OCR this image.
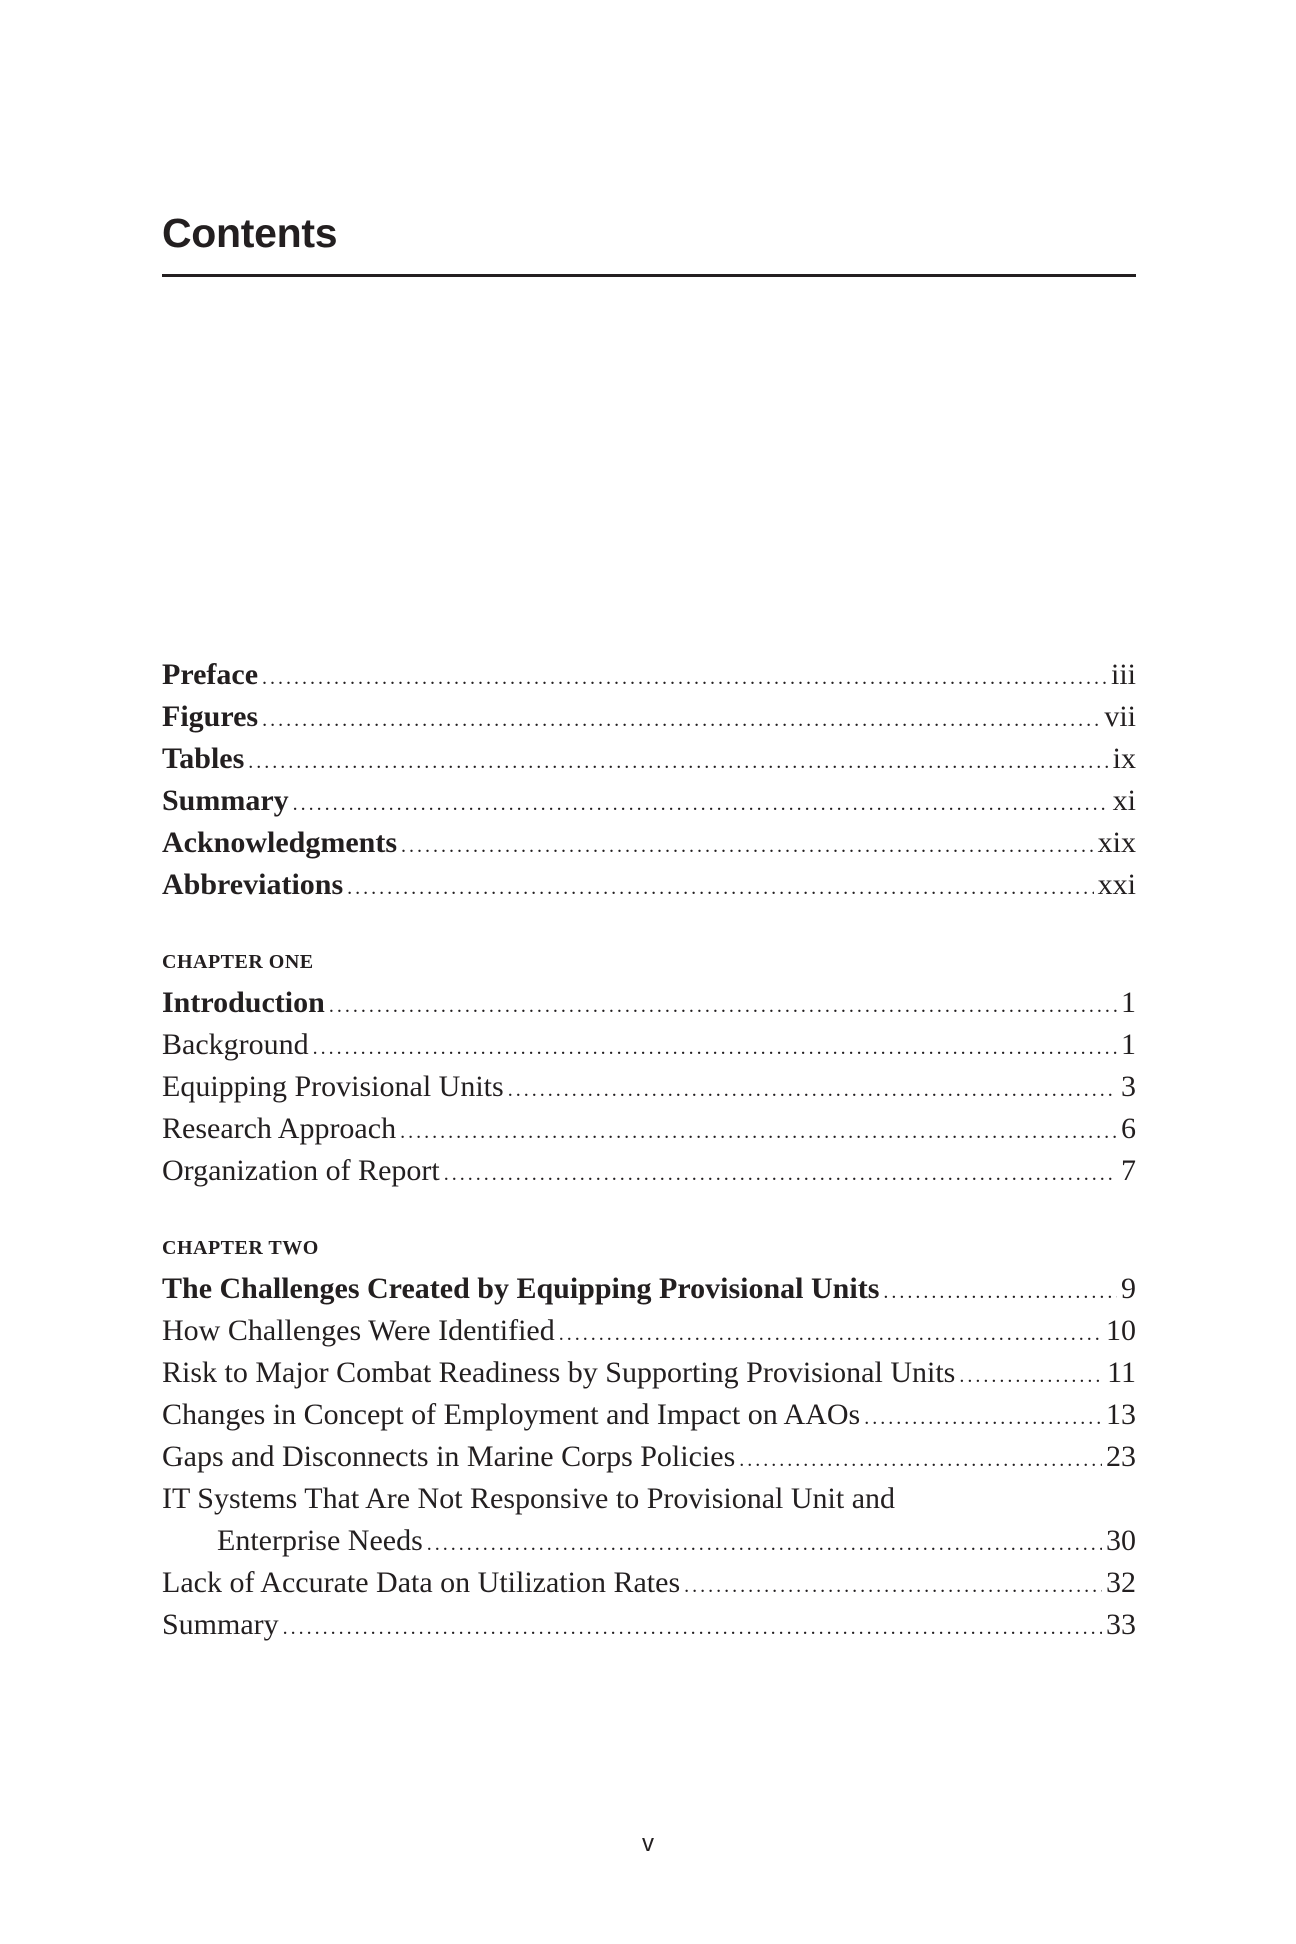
Contents
Preface .....	iii
Figures .....	vii
Tables .....	ix
Summary .....	xi
Acknowledgments .....	xix
Abbreviations .....	xxi
CHAPTER ONE
Introduction .....	1
Background .....	1
Equipping Provisional Units .....	3
Research Approach .....	6
Organization of Report .....	7
CHAPTER TWO
The Challenges Created by Equipping Provisional Units .....	9
How Challenges Were Identified .....	10
Risk to Major Combat Readiness by Supporting Provisional Units .....	11
Changes in Concept of Employment and Impact on AAOs .....	13
Gaps and Disconnects in Marine Corps Policies .....	23
IT Systems That Are Not Responsive to Provisional Unit and
Enterprise Needs .....	30
Lack of Accurate Data on Utilization Rates .....	32
Summary .....	33
v
